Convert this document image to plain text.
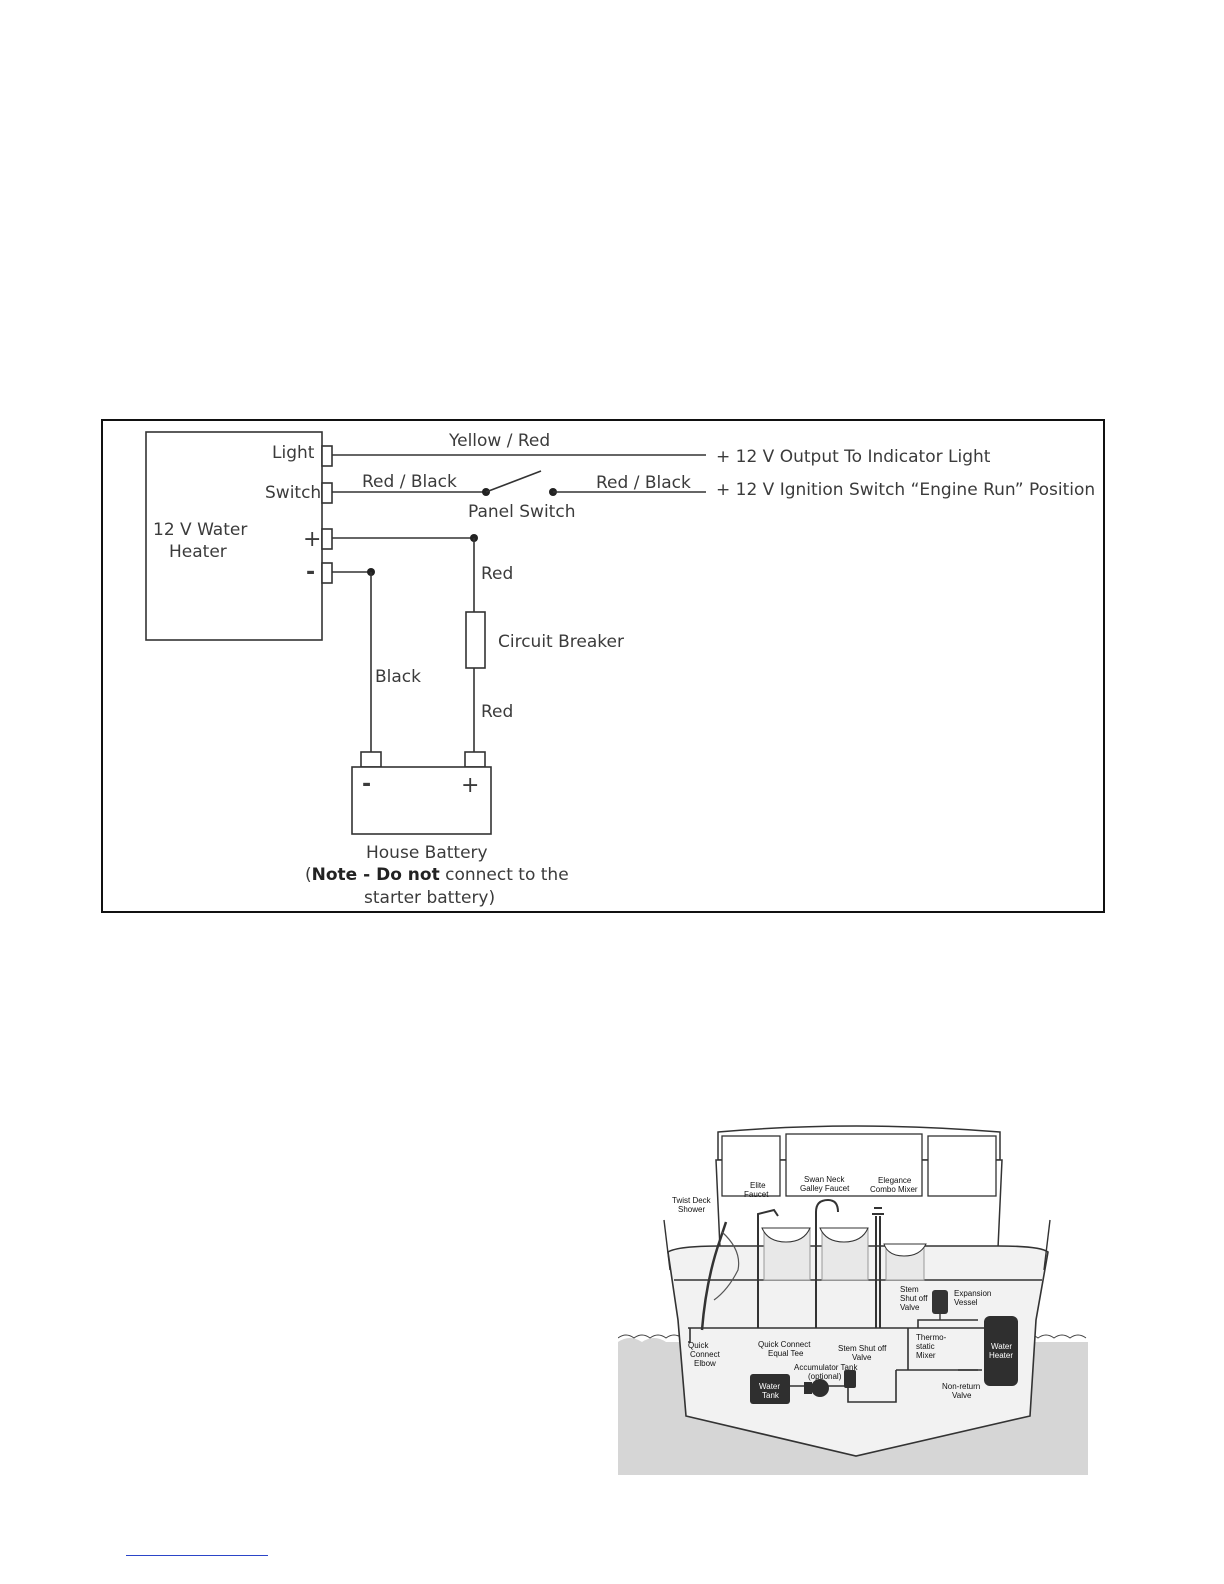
12 V Water
Heater
Light
Switch
+
-
Yellow / Red
+ 12 V Output To Indicator Light
Red / Black	Red / Black
Panel Switch
+ 12 V Ignition Switch “Engine Run” Position
Red
Circuit Breaker
Red
Black
-	+
House Battery
(Note - Do not connect to the
starter battery)
Water
Heater
Water
Tank
Twist Deck
Shower
Elite
Faucet
Swan Neck
Galley Faucet
Elegance
Combo Mixer
Stem
Shut off
Valve
Expansion
Vessel
Quick
Connect
Elbow
Quick Connect
Equal Tee
Stem Shut off
Valve
Thermo-
static
Mixer
Accumulator Tank
(optional)
Non-return
Valve
